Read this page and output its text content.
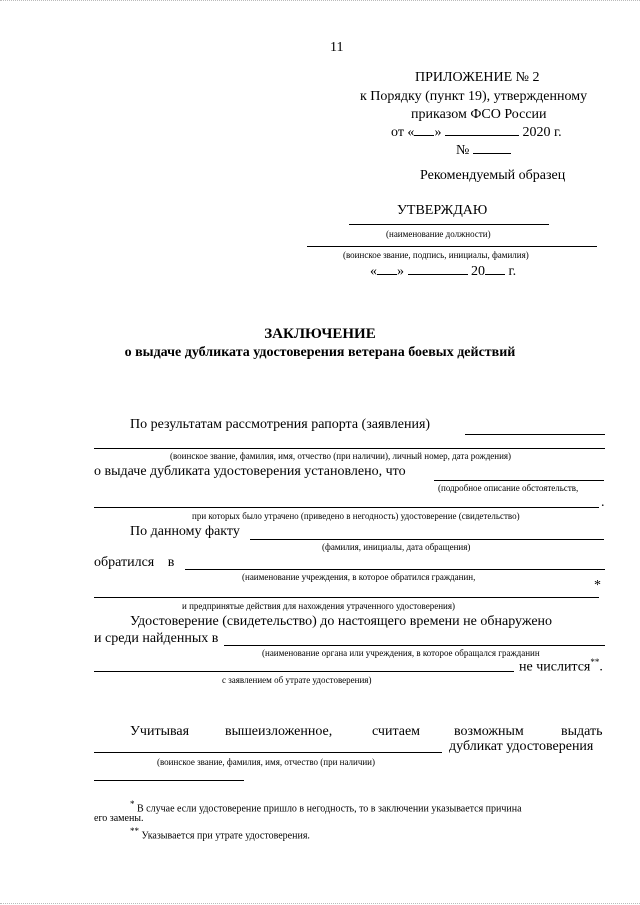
11
ПРИЛОЖЕНИЕ № 2
к Порядку (пункт 19), утвержденному
приказом ФСО России
от « »	2020 г.
№
Рекомендуемый образец
УТВЕРЖДАЮ
(наименование должности)
(воинское звание, подпись, инициалы, фамилия)
« »	20 г.
ЗАКЛЮЧЕНИЕ
о выдаче дубликата удостоверения ветерана боевых действий
По результатам рассмотрения рапорта (заявления)
(воинское звание, фамилия, имя, отчество (при наличии), личный номер, дата рождения)
о выдаче дубликата удостоверения установлено, что
(подробное описание обстоятельств,
.
при которых было утрачено (приведено в негодность) удостоверение (свидетельство)
По данному факту
(фамилия, инициалы, дата обращения)
обратился в
(наименование учреждения, в которое обратился гражданин,
*
и предпринятые действия для нахождения утраченного удостоверения)
Удостоверение (свидетельство) до настоящего времени не обнаружено
и среди найденных в
(наименование органа или учреждения, в которое обращался гражданин
не числится**.
с заявлением об утрате удостоверения)
Учитывая	вышеизложенное,	считаем возможным	выдать
дубликат удостоверения
(воинское звание, фамилия, имя, отчество (при наличии)
* В случае если удостоверение пришло в негодность, то в заключении указывается причина
его замены.
** Указывается при утрате удостоверения.
